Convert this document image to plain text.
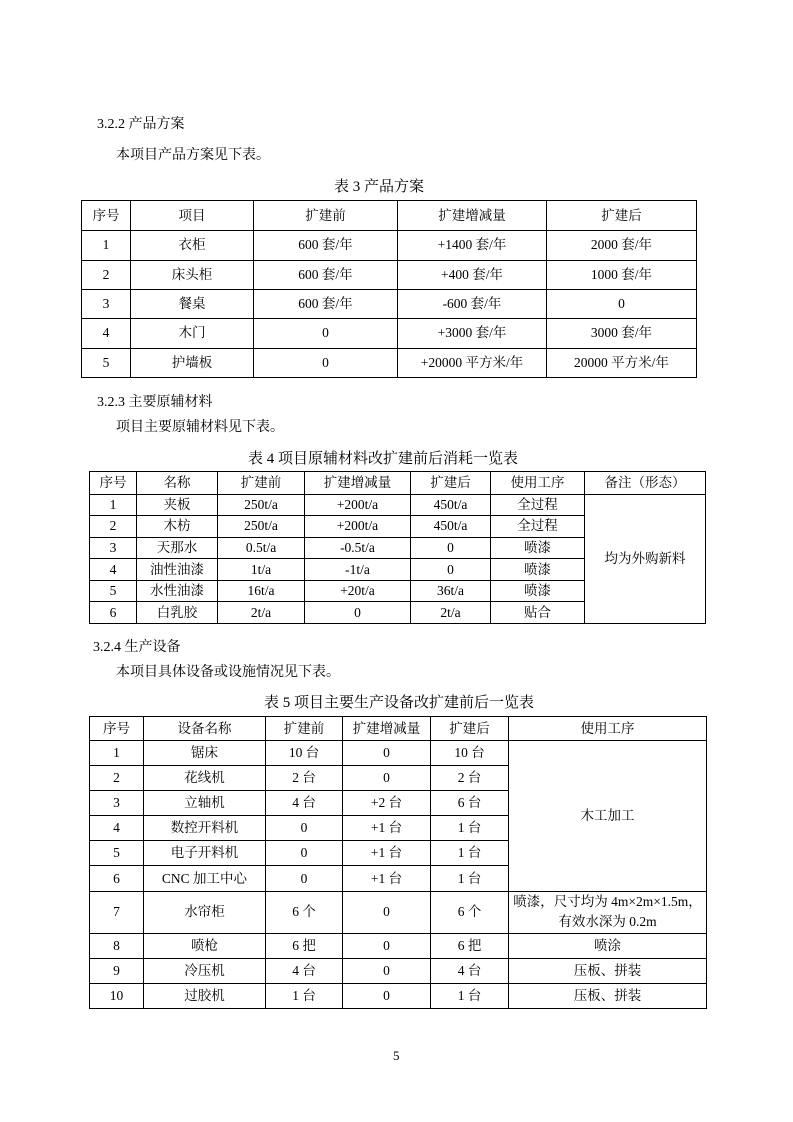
3.2.2 产品方案
本项目产品方案见下表。
表 3 产品方案
序号	项目	扩建前	扩建增减量	扩建后
1	衣柜	600 套/年	+1400 套/年	2000 套/年
2	床头柜	600 套/年	+400 套/年	1000 套/年
3	餐桌	600 套/年	-600 套/年	0
4	木门	0	+3000 套/年	3000 套/年
5	护墙板	0	+20000 平方米/年	20000 平方米/年
3.2.3 主要原辅材料
项目主要原辅材料见下表。
表 4 项目原辅材料改扩建前后消耗一览表
序号	名称	扩建前	扩建增减量	扩建后	使用工序	备注（形态）
1	夹板	250t/a	+200t/a	450t/a	全过程	均为外购新料
2	木枋	250t/a	+200t/a	450t/a	全过程	
3	天那水	0.5t/a	-0.5t/a	0	喷漆	
4	油性油漆	1t/a	-1t/a	0	喷漆	
5	水性油漆	16t/a	+20t/a	36t/a	喷漆	
6	白乳胶	2t/a	0	2t/a	贴合	
3.2.4 生产设备
本项目具体设备或设施情况见下表。
表 5 项目主要生产设备改扩建前后一览表
序号	设备名称	扩建前	扩建增减量	扩建后	使用工序
1	锯床	10 台	0	10 台	木工加工
2	花线机	2 台	0	2 台	
3	立轴机	4 台	+2 台	6 台	
4	数控开料机	0	+1 台	1 台	
5	电子开料机	0	+1 台	1 台	
6	CNC 加工中心	0	+1 台	1 台	
7	水帘柜	6 个	0	6 个	喷漆，尺寸均为 4m×2m×1.5m，
有效水深为 0.2m

8	喷枪	6 把	0	6 把	喷涂
9	冷压机	4 台	0	4 台	压板、拼装
10	过胶机	1 台	0	1 台	压板、拼装
5
